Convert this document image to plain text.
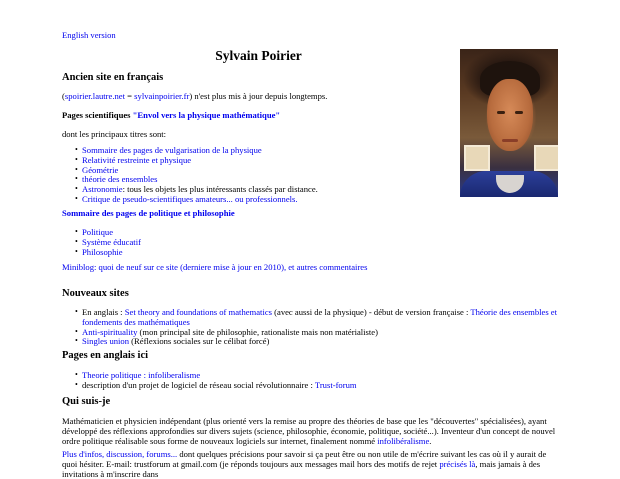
English version
Sylvain Poirier
Ancien site en français
(spoirier.lautre.net = sylvainpoirier.fr) n'est plus mis à jour depuis longtemps.
Pages scientifiques "Envol vers la physique mathématique"
dont les principaux titres sont:
• Sommaire des pages de vulgarisation de la physique
• Relativité restreinte et physique
• Géométrie
• théorie des ensembles
• Astronomie: tous les objets les plus intéressants classés par distance.
• Critique de pseudo-scientifiques amateurs... ou professionnels.
Sommaire des pages de politique et philosophie
• Politique
• Système éducatif
• Philosophie
Miniblog: quoi de neuf sur ce site (derniere mise à jour en 2010), et autres commentaires
Nouveaux sites
• En anglais : Set theory and foundations of mathematics (avec aussi de la physique) - début de version française : Théorie des ensembles et fondements des mathématiques
• Anti-spirituality (mon principal site de philosophie, rationaliste mais non matérialiste)
• Singles union (Réflexions sociales sur le célibat forcé)
Pages en anglais ici
• Theorie politique : infoliberalisme
• description d'un projet de logiciel de réseau social révolutionnaire : Trust-forum
Qui suis-je
Mathématicien et physicien indépendant (plus orienté vers la remise au propre des théories de base que les "découvertes" spécialisées), ayant développé des réflexions approfondies sur divers sujets (science, philosophie, économie, politique, société...). Inventeur d'un concept de nouvel ordre politique réalisable sous forme de nouveaux logiciels sur internet, finalement nommé infolibéralisme.
Plus d'infos, discussion, forums... dont quelques précisions pour savoir si ça peut être ou non utile de m'écrire suivant les cas où il y aurait de quoi hésiter. E-mail: trustforum at gmail.com (je réponds toujours aux messages mail hors des motifs de rejet précisés là, mais jamais à des invitations à m'inscrire dans
